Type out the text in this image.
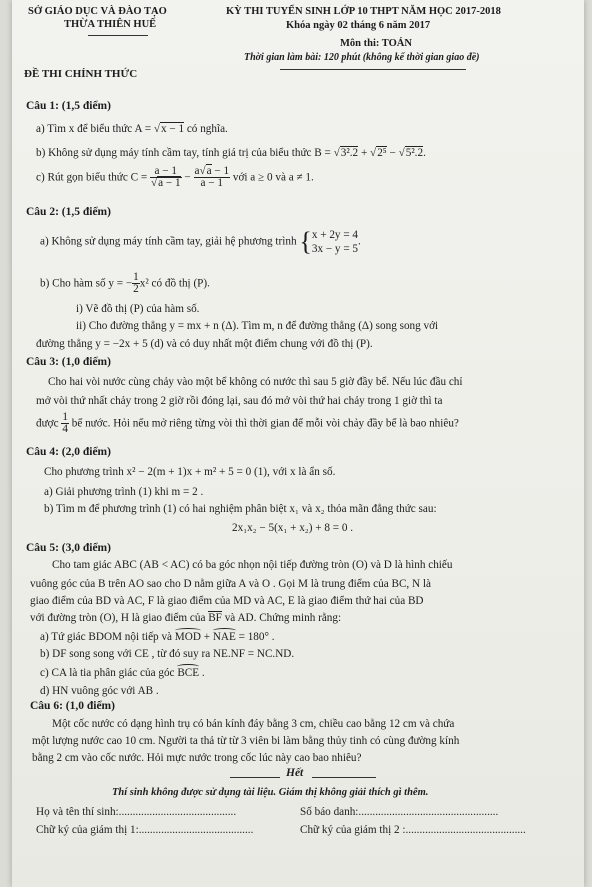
SỞ GIÁO DỤC VÀ ĐÀO TẠO
THỪA THIÊN HUẾ
KỲ THI TUYỂN SINH LỚP 10 THPT NĂM HỌC 2017-2018
Khóa ngày 02 tháng 6 năm 2017
Môn thi: TOÁN
Thời gian làm bài: 120 phút (không kể thời gian giao đề)
ĐỀ THI CHÍNH THỨC
Câu 1: (1,5 điểm)
a) Tìm x để biểu thức A = √ x − 1 có nghĩa.
b) Không sử dụng máy tính cầm tay, tính giá trị của biểu thức B = √ 3².2 + √ 2⁵ − √ 5².2.
c) Rút gọn biểu thức C = a − 1
√ $a - 1 - \frac{a√ a - 1}{a - 1}$ với a ≥ 0 và a ≠ 1.
Câu 2: (1,5 điểm)
a) Không sử dụng máy tính cầm tay, giải hệ phương trình { x + 2y = 4
3x − y = 5
.
b) Cho hàm số y = − $\frac{1}{2} x^2$ có đồ thị (P).
i) Vẽ đồ thị (P) của hàm số.
ii) Cho đường thẳng y = mx + n (Δ). Tìm m, n để đường thẳng (Δ) song song với
đường thẳng y = −2x + 5 (d) và có duy nhất một điểm chung với đồ thị (P).
Câu 3: (1,0 điểm)
Cho hai vòi nước cùng chảy vào một bể không có nước thì sau 5 giờ đầy bể. Nếu lúc đầu chỉ
mở vòi thứ nhất chảy trong 2 giờ rồi đóng lại, sau đó mở vòi thứ hai chảy trong 1 giờ thì ta
được $\frac{1}{4}$ bể nước. Hỏi nếu mở riêng từng vòi thì thời gian để mỗi vòi chảy đầy bể là bao nhiêu?
Câu 4: (2,0 điểm)
Cho phương trình x² − 2(m + 1)x + m² + 5 = 0 (1), với x là ẩn số.
a) Giải phương trình (1) khi m = 2 .
b) Tìm m để phương trình (1) có hai nghiệm phân biệt x₁ và x₂ thỏa mãn đẳng thức sau:
2x₁x₂ − 5(x₁ + x₂) + 8 = 0 .
Câu 5: (3,0 điểm)
Cho tam giác ABC (AB < AC) có ba góc nhọn nội tiếp đường tròn (O) và D là hình chiếu
vuông góc của B trên AO sao cho D nằm giữa A và O . Gọi M là trung điểm của BC, N là
giao điểm của BD và AC, F là giao điểm của MD và AC, E là giao điểm thứ hai của BD
với đường tròn (O), H là giao điểm của BF và AD. Chứng minh rằng:
a) Tứ giác BDOM nội tiếp và MOD + NAE = 180° .
b) DF song song với CE , từ đó suy ra NE.NF = NC.ND.
c) CA là tia phân giác của góc BCE .
d) HN vuông góc với AB .
Câu 6: (1,0 điểm)
Một cốc nước có dạng hình trụ có bán kính đáy bằng 3 cm, chiều cao bằng 12 cm và chứa
một lượng nước cao 10 cm. Người ta thả từ từ 3 viên bi làm bằng thủy tinh có cùng đường kính
bằng 2 cm vào cốc nước. Hỏi mực nước trong cốc lúc này cao bao nhiêu?
Hết
Thí sinh không được sử dụng tài liệu. Giám thị không giải thích gì thêm.
Họ và tên thí sinh:..........................................	Số báo danh:..................................................
Chữ ký của giám thị 1:.........................................	Chữ ký của giám thị 2 :...........................................
